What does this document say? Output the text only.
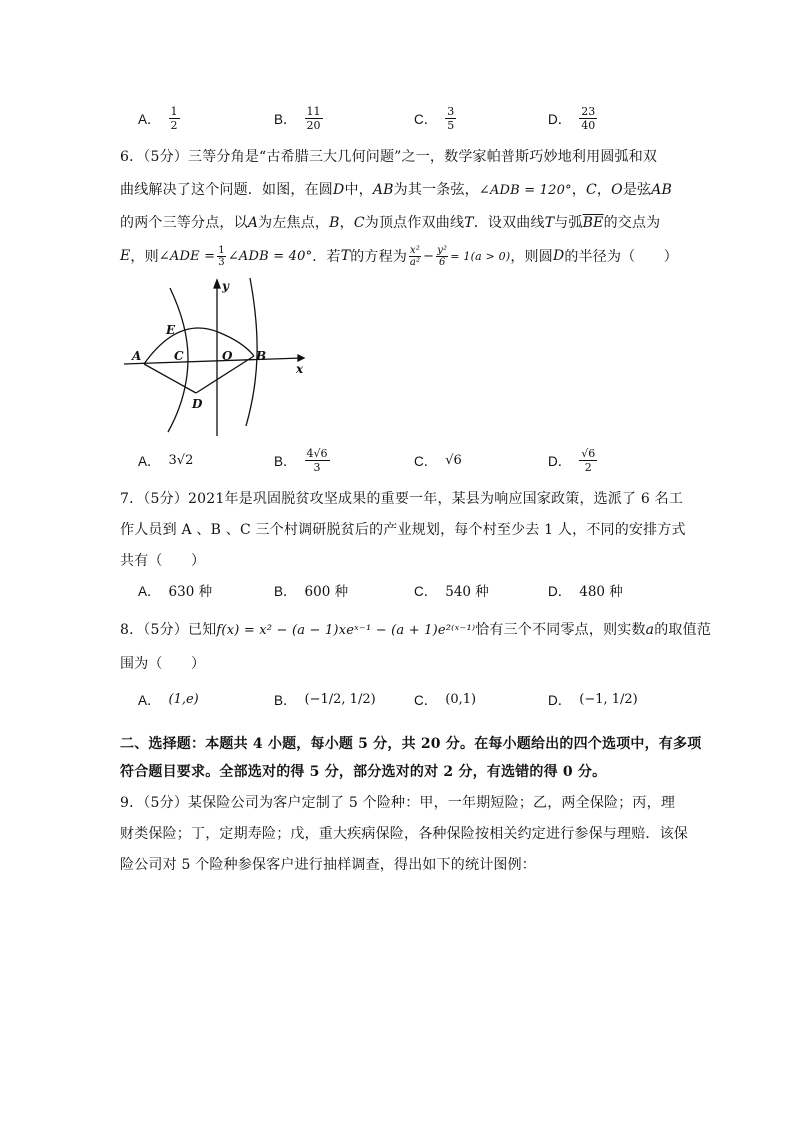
A． $\frac{1}{2}$	B． $\frac{11}{20}$	C． $\frac{3}{5}$	D． $\frac{23}{40}$
6．（5分）三等分角是“古希腊三大几何问题”之一，数学家帕普斯巧妙地利用圆弧和双
曲线解决了这个问题．如图，在圆D中，AB为其一条弦，∠ADB = 120°，C，O是弦AB
的两个三等分点，以A为左焦点，B，C为顶点作双曲线T．设双曲线T与弧$\overline{BE}$的交点为
E ，则 ∠ADE = $\frac{1}{3}$ ∠ADB = 40° ．若 T 的方程为 x²
$a^2 - \frac{\text{y²}}{6} = 1(a > 0)$ ，则圆 D 的半径为（　　）
y
x
E
A	C	O B
D
A． 3√2	B． $\frac{4√6}{3}$	C． √6	D． $\frac{√6}{2}$
7．（5分）2021年是巩固脱贫攻坚成果的重要一年，某县为响应国家政策，选派了 6 名工
作人员到 A 、B 、C 三个村调研脱贫后的产业规划，每个村至少去 1 人，不同的安排方式
共有（　　）
A． 630 种	B． 600 种	C． 540 种	D． 480 种
8．（5分）已知f(x) = x² − (a − 1)xeˣ⁻¹ − (a + 1)e²⁽ˣ⁻¹⁾恰有三个不同零点，则实数a的取值范
围为（　　）
A． (1,e)	B． (−1/2, 1/2)	C． (0,1)	D． (−1, 1/2)
二、选择题：本题共 4 小题，每小题 5 分，共 20 分。在每小题给出的四个选项中，有多项
符合题目要求。全部选对的得 5 分，部分选对的对 2 分，有选错的得 0 分。
9．（5分）某保险公司为客户定制了 5 个险种：甲，一年期短险；乙，两全保险；丙，理
财类保险；丁，定期寿险；戊，重大疾病保险，各种保险按相关约定进行参保与理赔．该保
险公司对 5 个险种参保客户进行抽样调查，得出如下的统计图例：
